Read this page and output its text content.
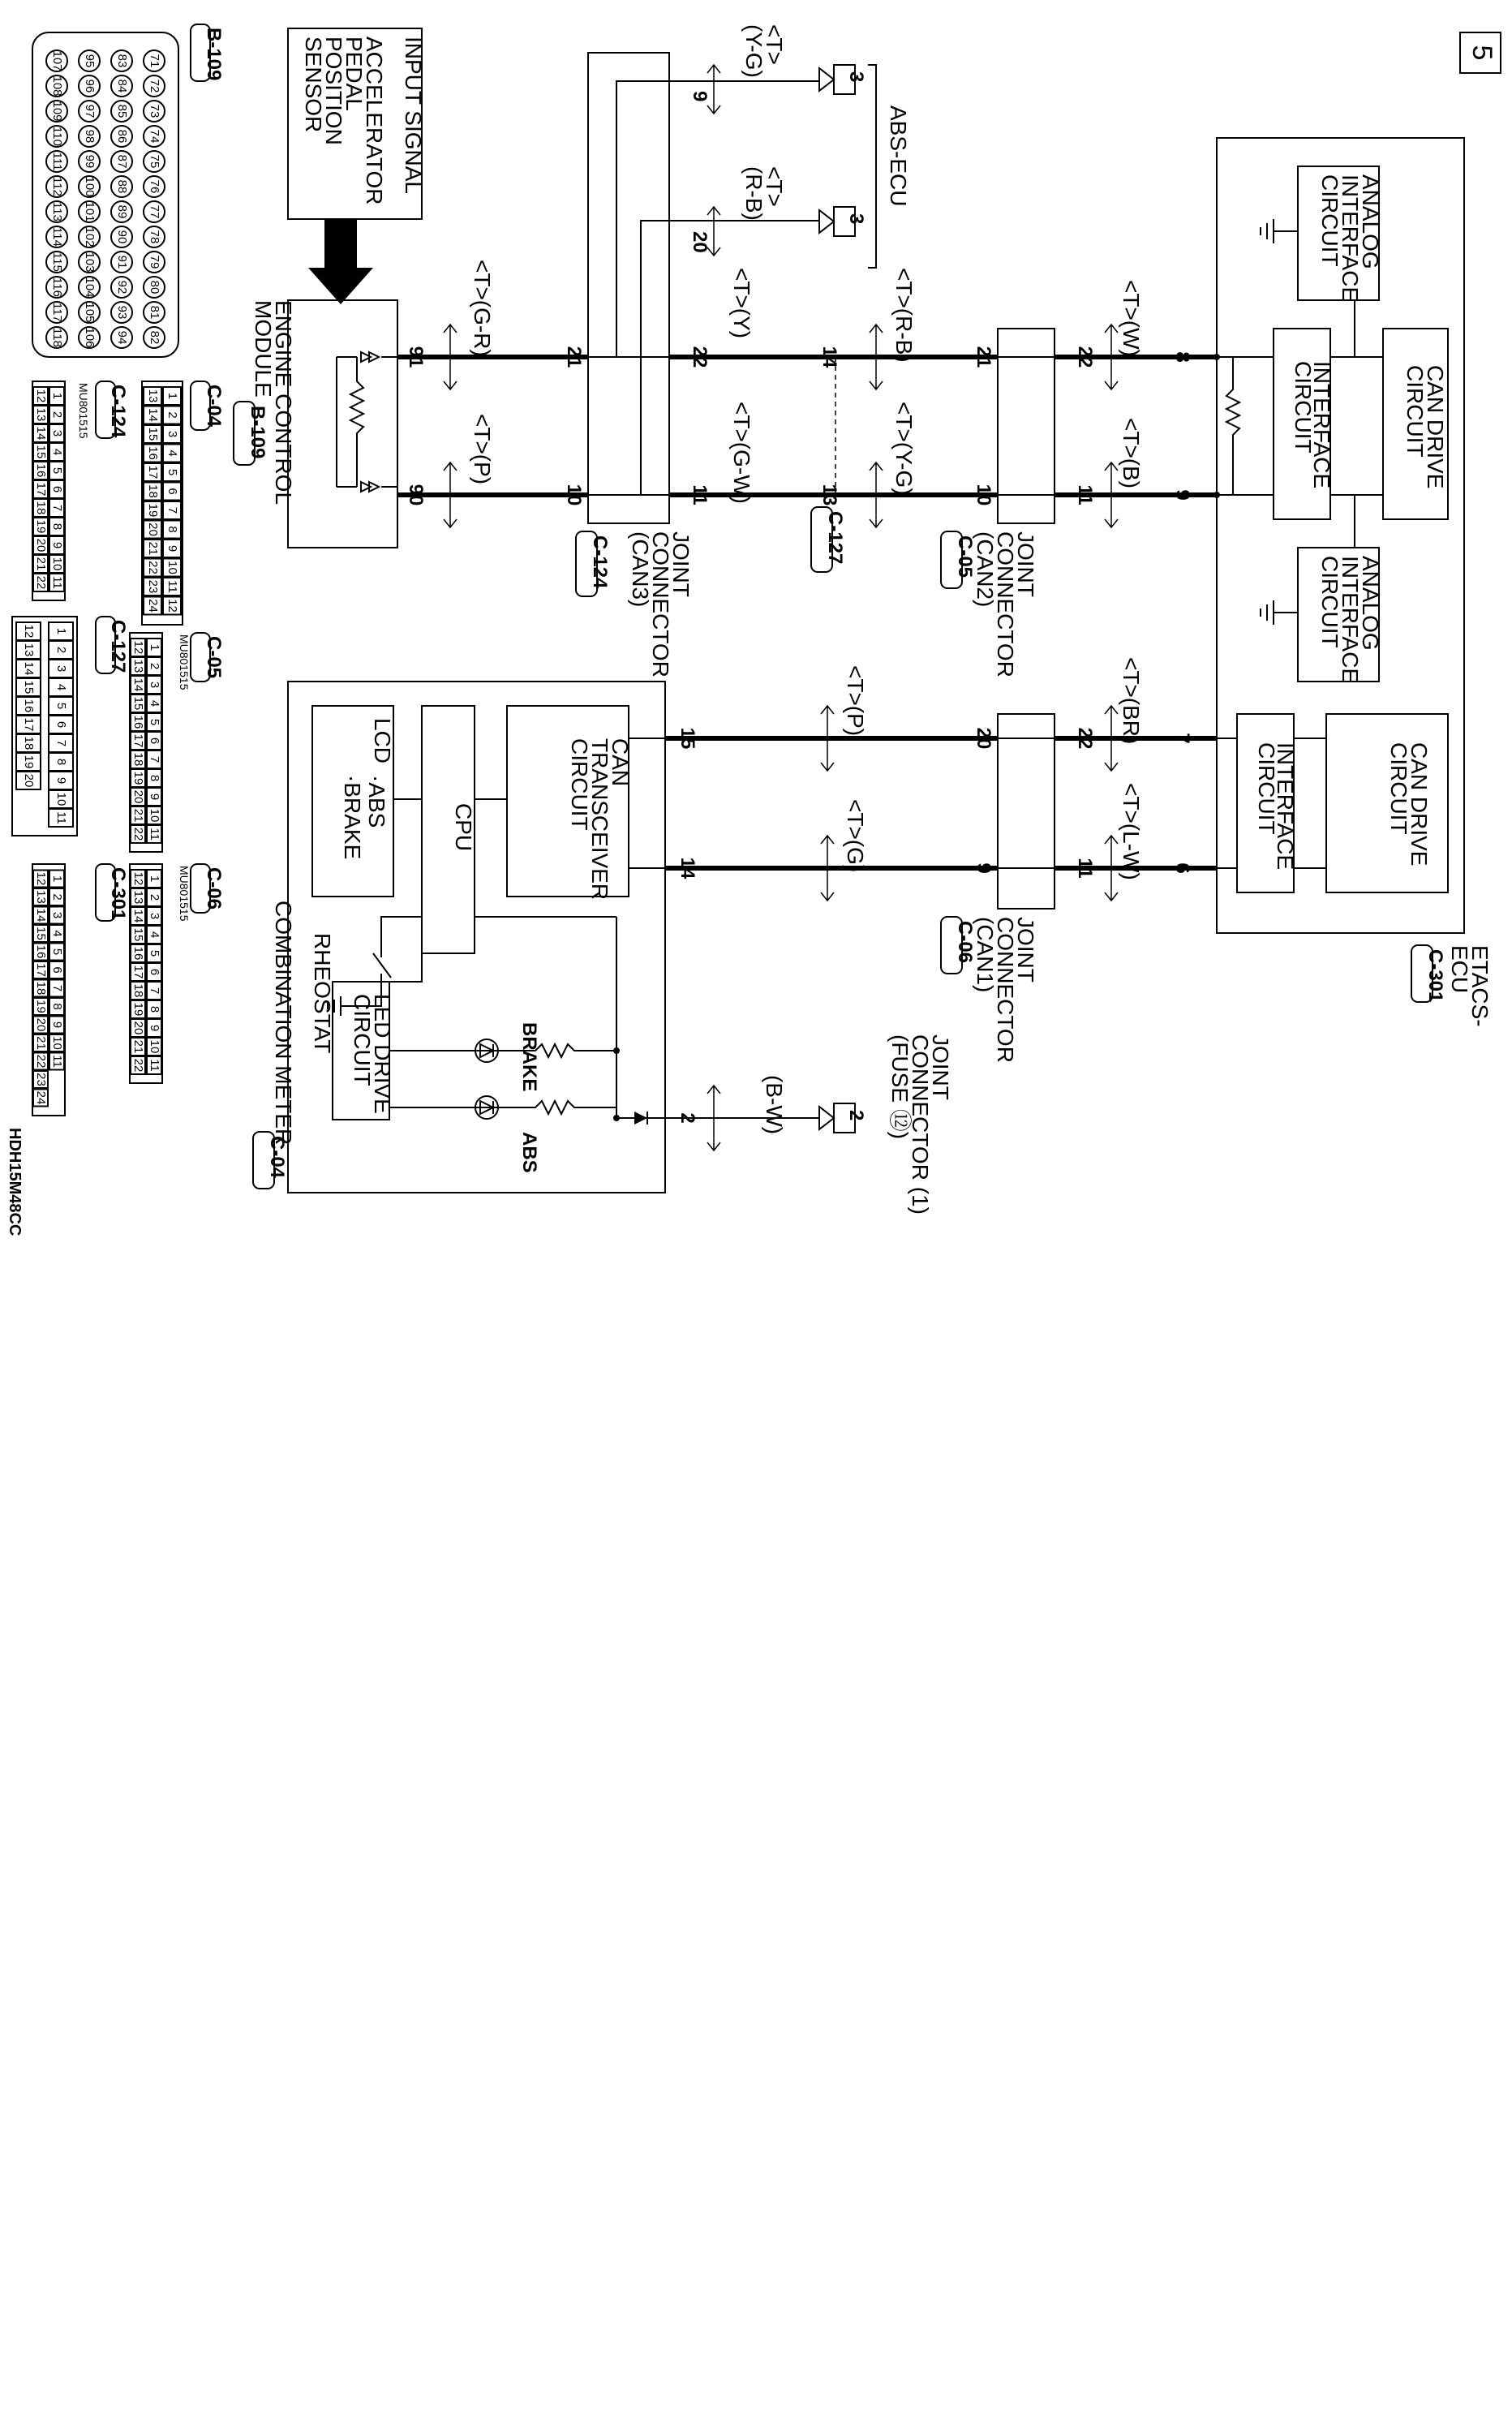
5
ETACS-
ECU
C-301
ANALOG
INTERFACE
CIRCUIT
CAN DRIVE
CIRCUIT
INTERFACE
CIRCUIT
ANALOG
INTERFACE
CIRCUIT
CAN DRIVE
CIRCUIT
INTERFACE
CIRCUIT
8
9
7
6
ABS-ECU
3
3
<T>
(Y-G)
<T>
(R-B)
9
20
INPUT SIGNAL
ACCELERATOR
PEDAL
POSITION
SENSOR
ENGINE CONTROL
MODULE
B-109
91
90
<T>(G-R)
<T>(P)
JOINT
CONNECTOR
(CAN3)
C-124
21
10
22
11
14
13
C-127	JOINT
CONNECTOR
(CAN2)
C-05
21
10
22
11
JOINT
CONNECTOR
(CAN1)
C-06
20
9
22
11
<T>(Y)
<T>(G-W)
<T>(R-B)
<T>(Y-G)
<T>(W)
<T>(B)
<T>(P)
<T>(G)
<T>(BR)
<T>(L-W)
2
JOINT
CONNECTOR (1)
(FUSE ⑫)
(B-W)
COMBINATION METER
C-04
15
14
2
CAN
TRANSCEIVER
CIRCUIT
CPU
LCD
·ABS
·BRAKE
LED DRIVE
CIRCUIT
RHEOSTAT
BRAKE
ABS
B-109
71
72
73
74
75
76
77
78
79
80
81
82
83
84
85
86
87
88
89
90
91
92
93
94
95
96
97
98
99
100
101
102
103
104
105
106
107
108
109
110
111
112
113
114
115
116
117
118
C-04
1
2
3
4
5
6
7
8
9
10
11
12
13
14
15
16
17
18
19
20
21
22
23
24
C-124
MU801515
1
2
3
4
5
6
7
8
9
10
11
12
13
14
15
16
17
18
19
20
21
22
C-05
MU801515
1
2
3
4
5
6
7
8
9
10
11
12
13
14
15
16
17
18
19
20
21
22
C-127
1
2
3
4
5
6
7
8
9
10
11
12
13
14
15
16
17
18
19
20
C-06
MU801515
1
2
3
4
5
6
7
8
9
10
11
12
13
14
15
16
17
18
19
20
21
22
C-301
1
2
3
4
5
6
7
8
9
10
11
12
13
14
15
16
17
18
19
20
21
22
23
24
HDH15M48CC
